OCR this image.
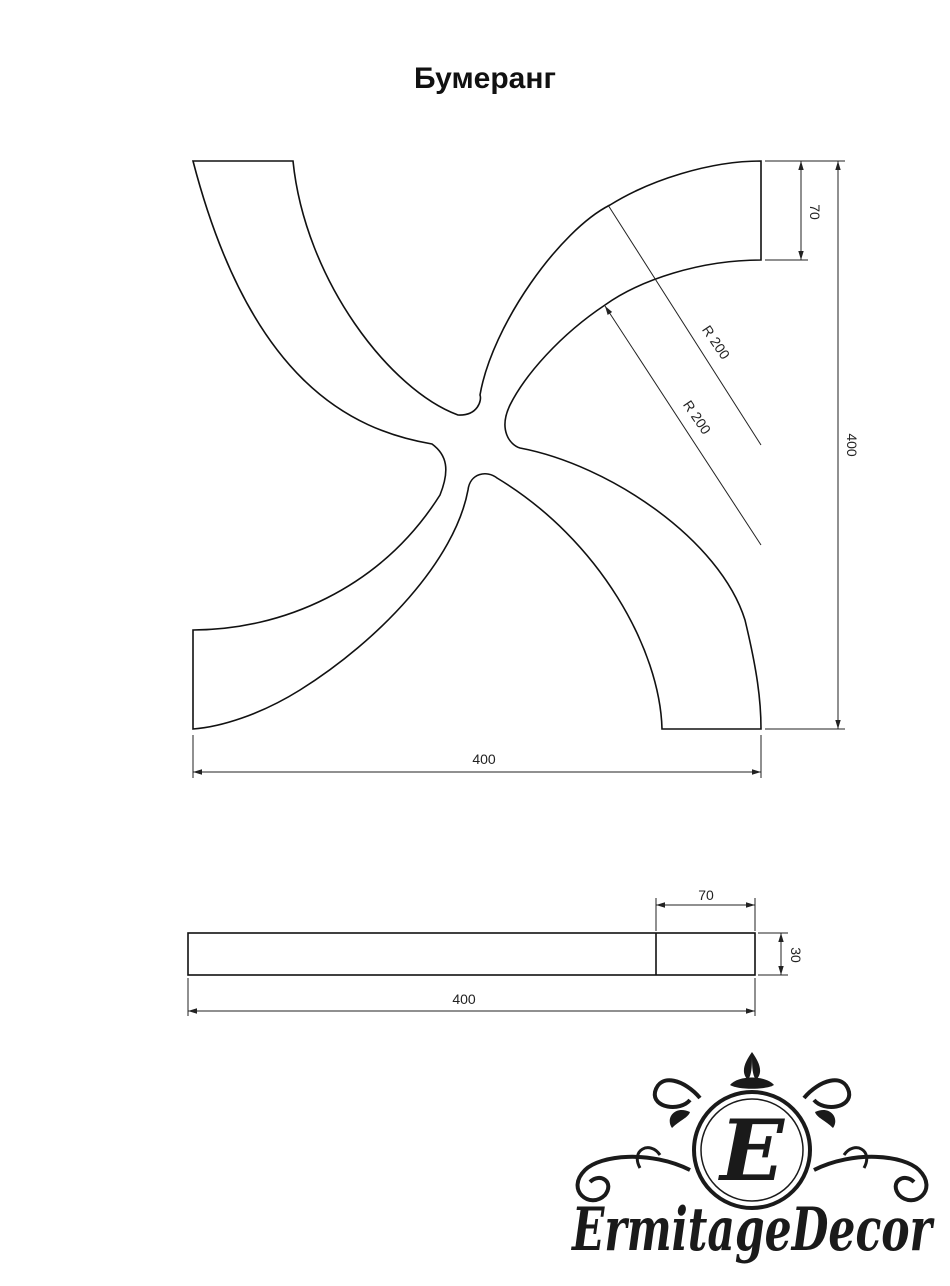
Бумеранг
400
400
70
R 200
R 200
70
30
400
E
ErmitageDecor
